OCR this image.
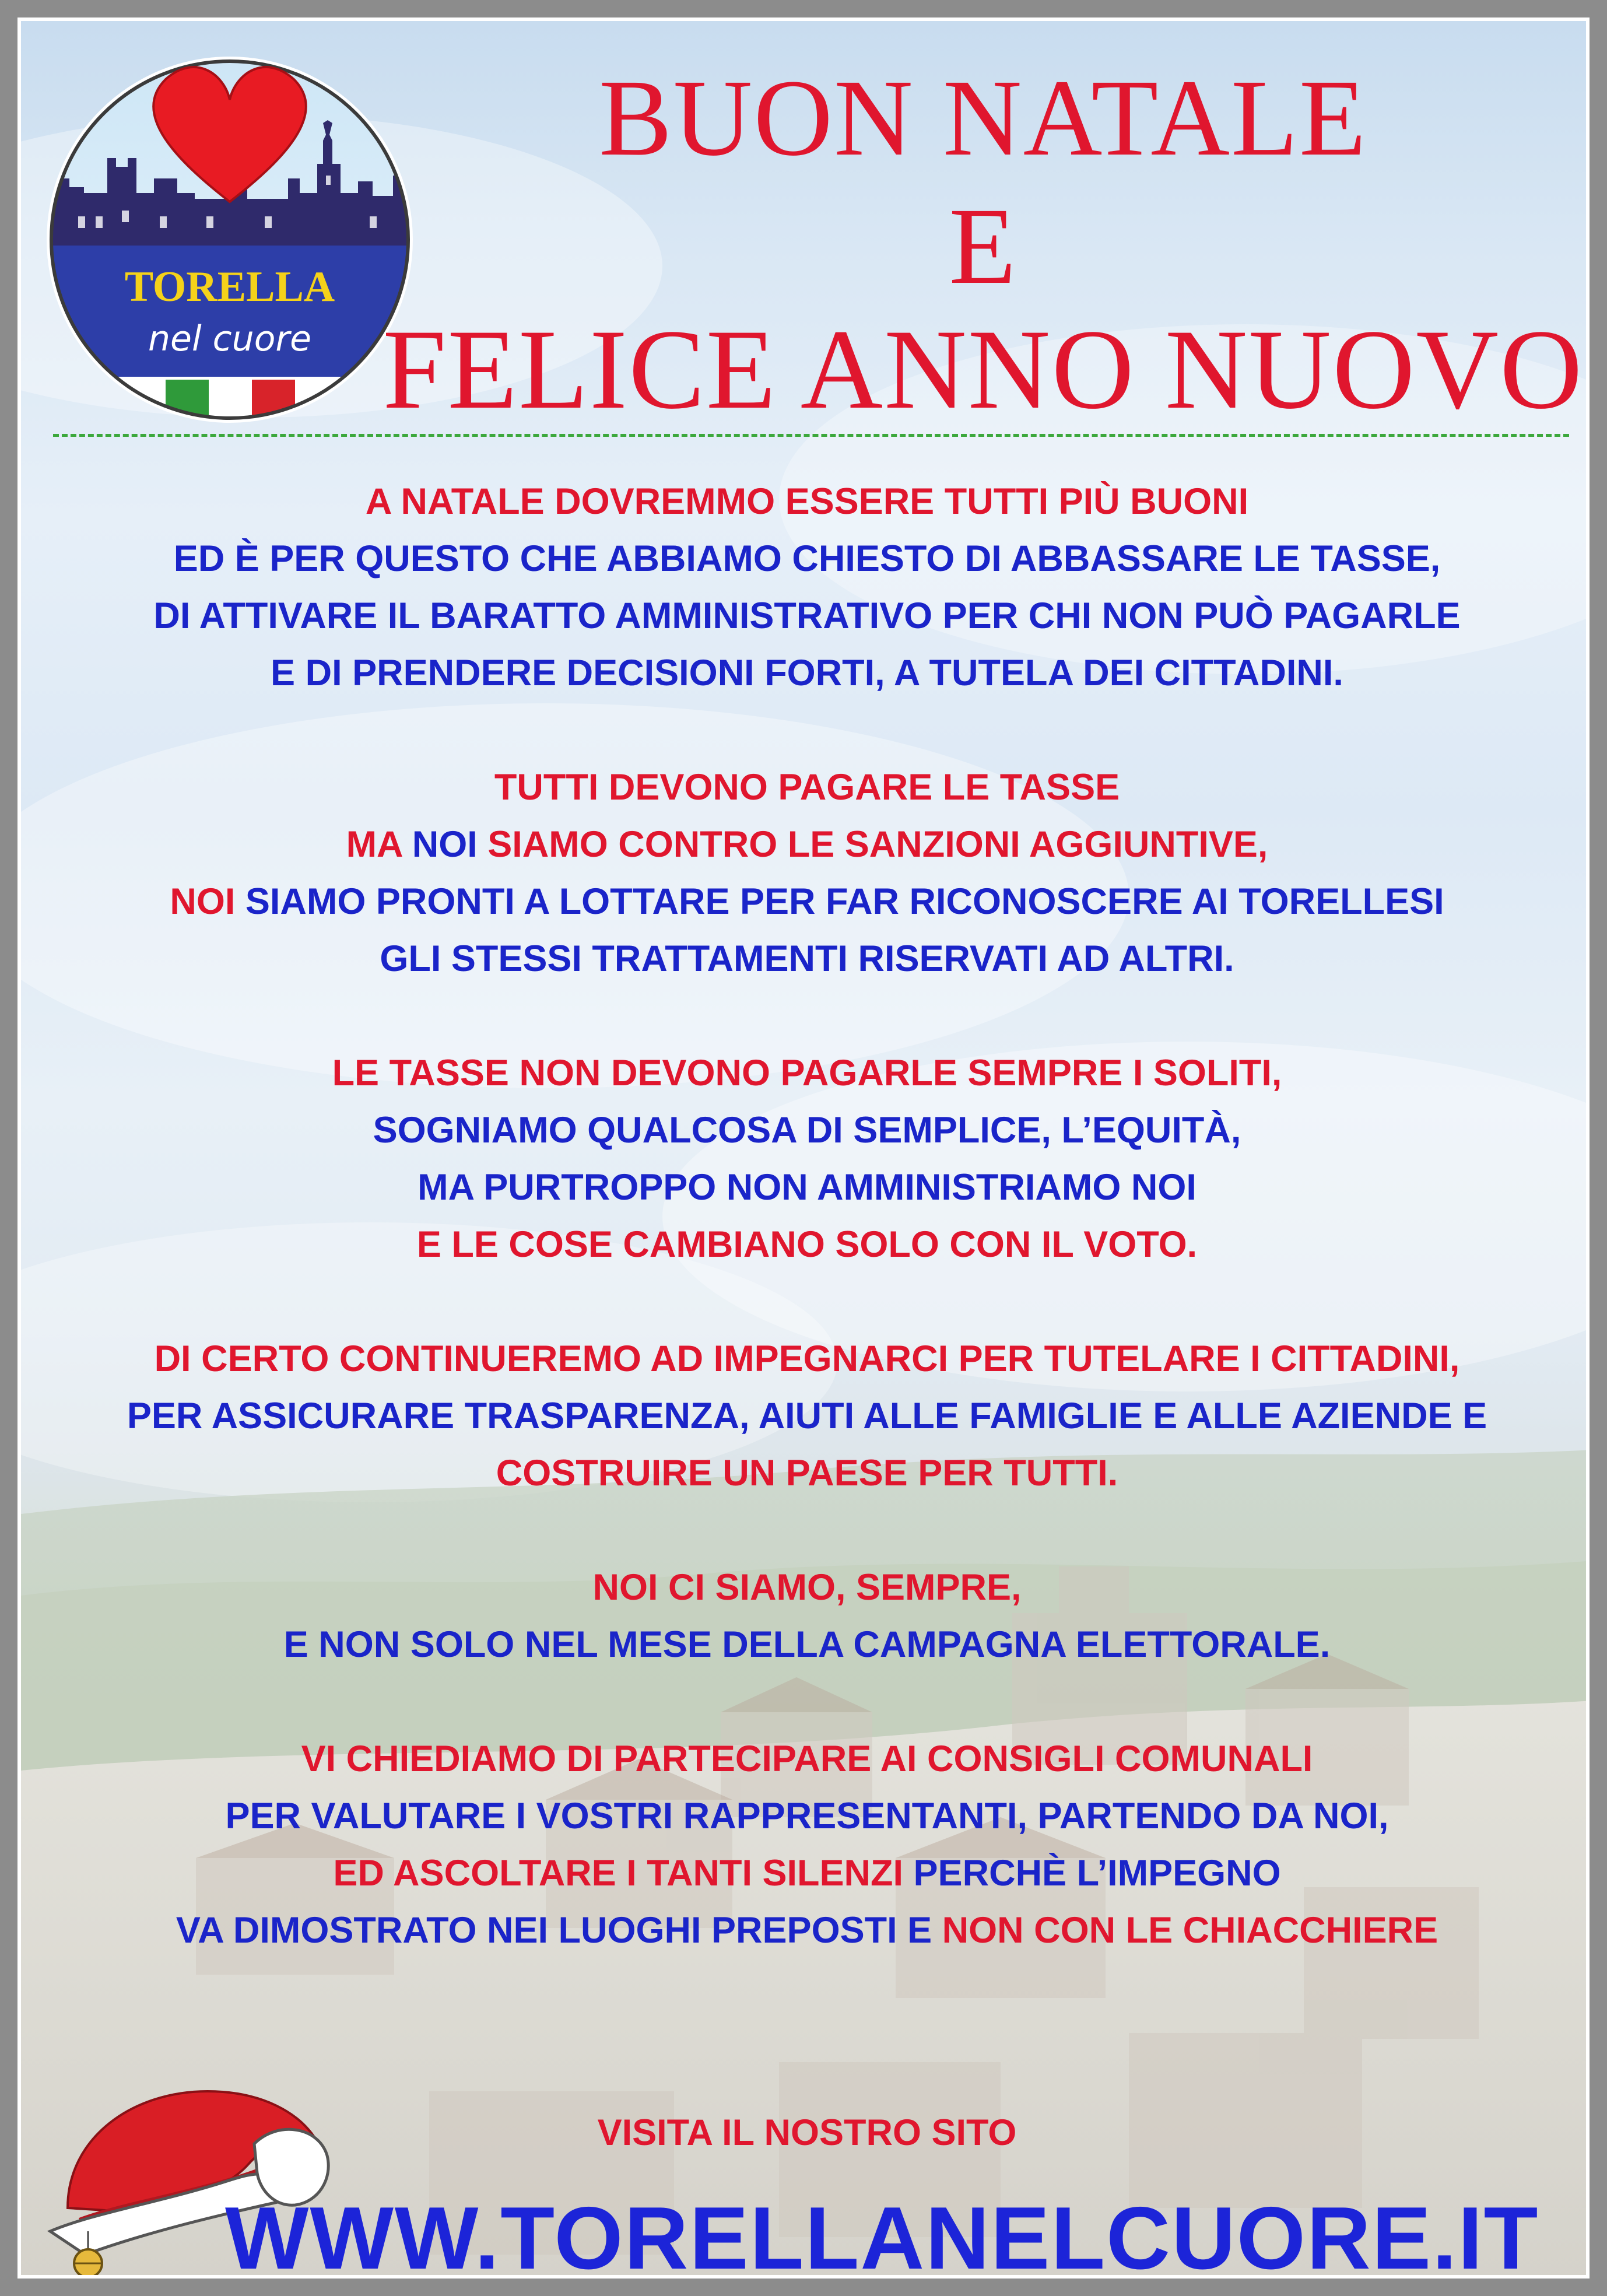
TORELLA
nel cuore
BUON NATALE
E
FELICE ANNO NUOVO
A NATALE DOVREMMO ESSERE TUTTI PIÙ BUONI
ED È PER QUESTO CHE ABBIAMO CHIESTO DI ABBASSARE LE TASSE,
DI ATTIVARE IL BARATTO AMMINISTRATIVO PER CHI NON PUÒ PAGARLE
E DI PRENDERE DECISIONI FORTI, A TUTELA DEI CITTADINI.
TUTTI DEVONO PAGARE LE TASSE
MA NOI SIAMO CONTRO LE SANZIONI AGGIUNTIVE,
NOI SIAMO PRONTI A LOTTARE PER FAR RICONOSCERE AI TORELLESI
GLI STESSI TRATTAMENTI RISERVATI AD ALTRI.
LE TASSE NON DEVONO PAGARLE SEMPRE I SOLITI,
SOGNIAMO QUALCOSA DI SEMPLICE, L’EQUITÀ,
MA PURTROPPO NON AMMINISTRIAMO NOI
E LE COSE CAMBIANO SOLO CON IL VOTO.
DI CERTO CONTINUEREMO AD IMPEGNARCI PER TUTELARE I CITTADINI,
PER ASSICURARE TRASPARENZA, AIUTI ALLE FAMIGLIE E ALLE AZIENDE E
COSTRUIRE UN PAESE PER TUTTI.
NOI CI SIAMO, SEMPRE,
E NON SOLO NEL MESE DELLA CAMPAGNA ELETTORALE.
VI CHIEDIAMO DI PARTECIPARE AI CONSIGLI COMUNALI
PER VALUTARE I VOSTRI RAPPRESENTANTI, PARTENDO DA NOI,
ED ASCOLTARE I TANTI SILENZI PERCHÈ L’IMPEGNO
VA DIMOSTRATO NEI LUOGHI PREPOSTI E NON CON LE CHIACCHIERE
VISITA IL NOSTRO SITO
WWW.TORELLANELCUORE.IT
